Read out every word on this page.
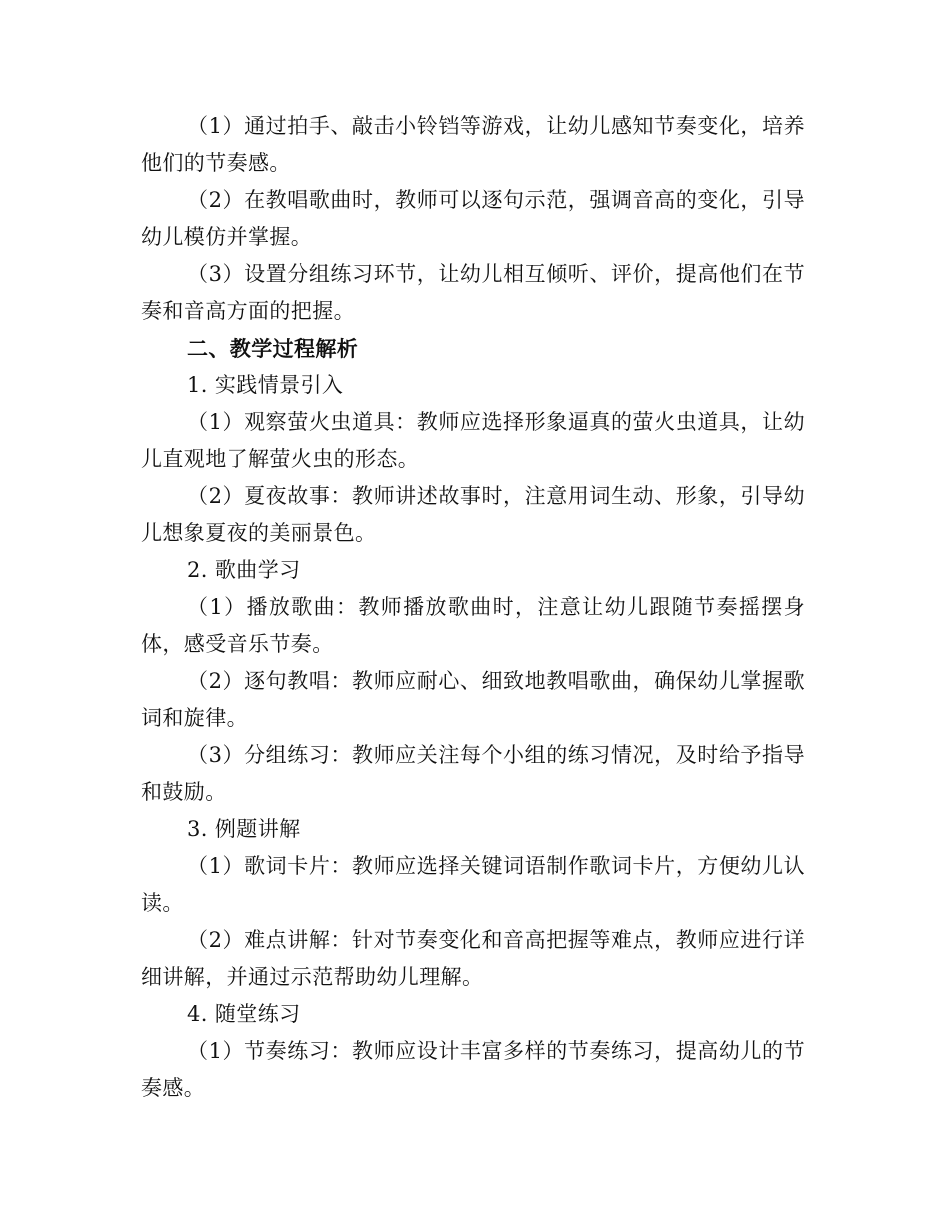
（1）通过拍手、敲击小铃铛等游戏，让幼儿感知节奏变化，培养他们的节奏感。

（2）在教唱歌曲时，教师可以逐句示范，强调音高的变化，引导幼儿模仿并掌握。

（3）设置分组练习环节，让幼儿相互倾听、评价，提高他们在节奏和音高方面的把握。

二、教学过程解析

1. 实践情景引入

（1）观察萤火虫道具：教师应选择形象逼真的萤火虫道具，让幼儿直观地了解萤火虫的形态。

（2）夏夜故事：教师讲述故事时，注意用词生动、形象，引导幼儿想象夏夜的美丽景色。

2. 歌曲学习

（1）播放歌曲：教师播放歌曲时，注意让幼儿跟随节奏摇摆身体，感受音乐节奏。

（2）逐句教唱：教师应耐心、细致地教唱歌曲，确保幼儿掌握歌词和旋律。

（3）分组练习：教师应关注每个小组的练习情况，及时给予指导和鼓励。

3. 例题讲解

（1）歌词卡片：教师应选择关键词语制作歌词卡片，方便幼儿认读。

（2）难点讲解：针对节奏变化和音高把握等难点，教师应进行详细讲解，并通过示范帮助幼儿理解。

4. 随堂练习

（1）节奏练习：教师应设计丰富多样的节奏练习，提高幼儿的节奏感。
